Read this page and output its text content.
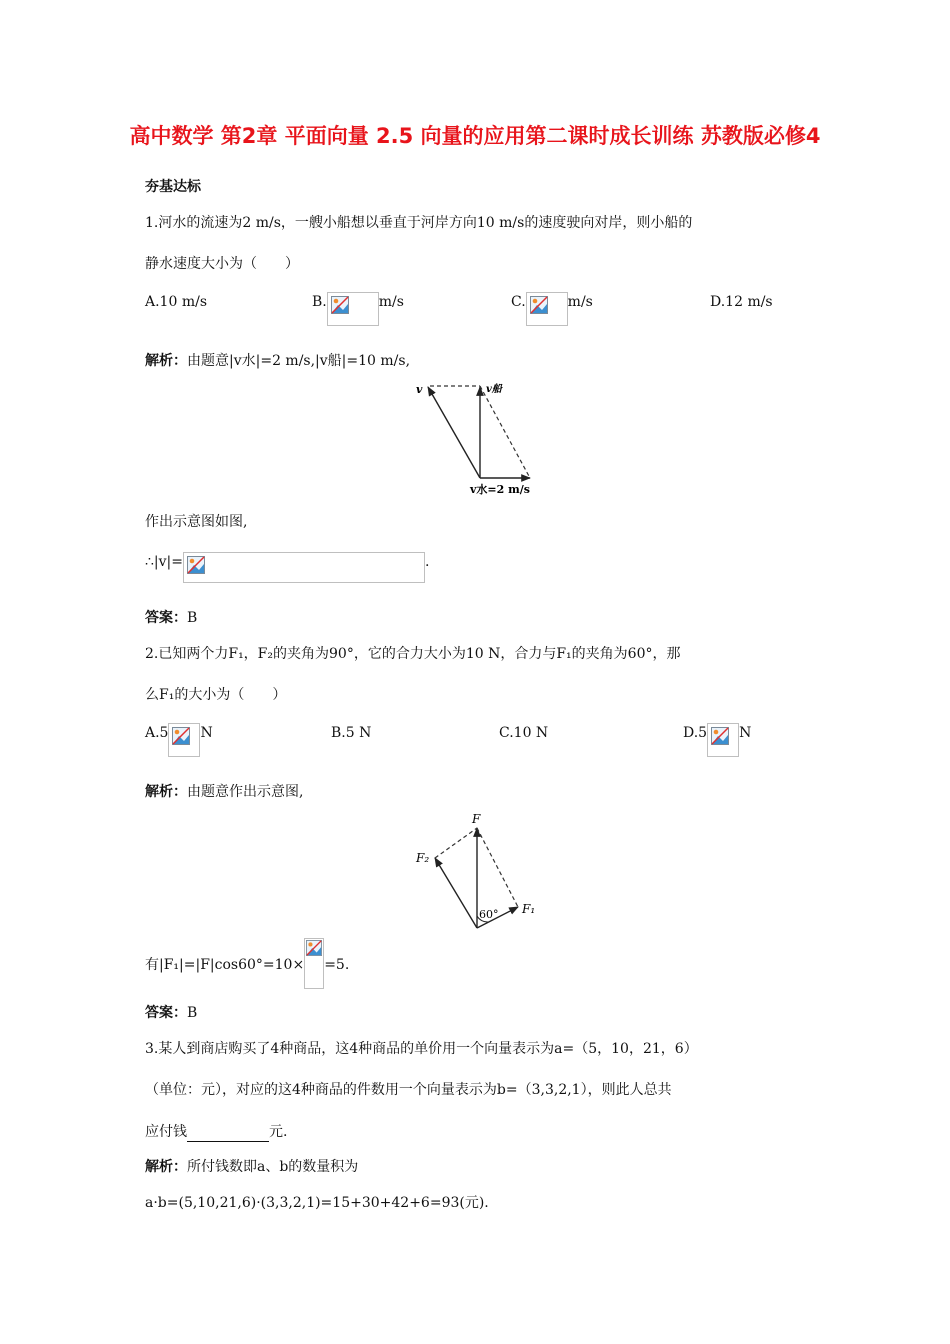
高中数学 第2章 平面向量 2.5 向量的应用第二课时成长训练 苏教版必修4
夯基达标
1.河水的流速为2 m/s，一艘小船想以垂直于河岸方向10 m/s的速度驶向对岸，则小船的
静水速度大小为（　　）
A.10 m/s	B.	m/s	C.	m/s	D.12 m/s
解析：由题意|v水|=2 m/s,|v船|=10 m/s,
v	v船
v水=2 m/s
作出示意图如图,
∴|v|=	.
答案：B
2.已知两个力F₁，F₂的夹角为90°，它的合力大小为10 N，合力与F₁的夹角为60°，那
么F₁的大小为（　　）
A.5 N	B.5 N	C.10 N	D.5 N
解析：由题意作出示意图,
F
F₂
F₁
60°
有|F₁|=|F|cos60°=10× =5.
答案：B
3.某人到商店购买了4种商品，这4种商品的单价用一个向量表示为a=（5，10，21，6）
（单位：元），对应的这4种商品的件数用一个向量表示为b=（3,3,2,1），则此人总共
应付钱	元.
解析：所付钱数即a、b的数量积为
a·b=(5,10,21,6)·(3,3,2,1)=15+30+42+6=93(元).
